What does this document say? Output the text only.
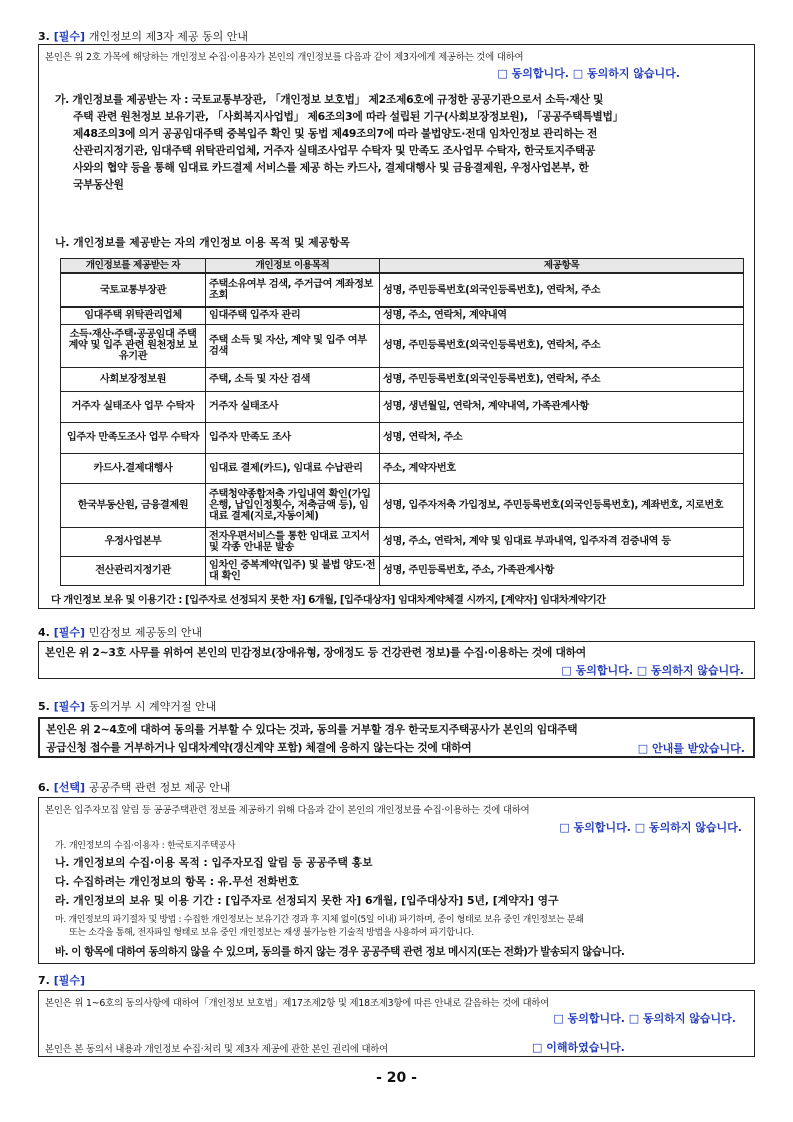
3. [필수] 개인정보의 제3자 제공 동의 안내
본인은 위 2호 가목에 해당하는 개인정보 수집·이용자가 본인의 개인정보를 다음과 같이 제3자에게 제공하는 것에 대하여
□ 동의합니다. □ 동의하지 않습니다.
가. 개인정보를 제공받는 자 : 국토교통부장관, 「개인정보 보호법」 제2조제6호에 규정한 공공기관으로서 소득·재산 및
주택 관련 원천정보 보유기관, 「사회복지사업법」 제6조의3에 따라 설립된 기구(사회보장정보원), 「공공주택특별법」
제48조의3에 의거 공공임대주택 중복입주 확인 및 동법 제49조의7에 따라 불법양도·전대 임차인정보 관리하는 전
산관리지정기관, 임대주택 위탁관리업체, 거주자 실태조사업무 수탁자 및 만족도 조사업무 수탁자, 한국토지주택공
사와의 협약 등을 통해 임대료 카드결제 서비스를 제공 하는 카드사, 결제대행사 및 금융결제원, 우정사업본부, 한
국부동산원
나. 개인정보를 제공받는 자의 개인정보 이용 목적 및 제공항목
다 개인정보 보유 및 이용기간 : [입주자로 선정되지 못한 자] 6개월, [입주대상자] 임대차계약체결 시까지, [계약자] 임대차계약기간
개인정보를 제공받는 자	개인정보 이용목적	제공항목
국토교통부장관	주택소유여부 검색, 주거급여 계좌정보조회	성명, 주민등록번호(외국인등록번호), 연락처, 주소
임대주택 위탁관리업체	임대주택 입주자 관리	성명, 주소, 연락처, 계약내역
소득·재산·주택·공공임대 주택 계약 및 입주 관련 원천정보 보유기관	주택 소득 및 자산, 계약 및 입주 여부 검색	성명, 주민등록번호(외국인등록번호), 연락처, 주소
사회보장정보원	주택, 소득 및 자산 검색	성명, 주민등록번호(외국인등록번호), 연락처, 주소
거주자 실태조사 업무 수탁자	거주자 실태조사	성명, 생년월일, 연락처, 계약내역, 가족관계사항
입주자 만족도조사 업무 수탁자	입주자 만족도 조사	성명, 연락처, 주소
카드사.결제대행사	임대료 결제(카드), 임대료 수납관리	주소, 계약자번호
한국부동산원, 금융결제원	주택청약종합저축 가입내역 확인(가입은행, 납입인정횟수, 저축금액 등), 임대료 결제(지로,자동이체)	성명, 입주자저축 가입정보, 주민등록번호(외국인등록번호), 계좌번호, 지로번호
우정사업본부	전자우편서비스를 통한 임대료 고지서 및 각종 안내문 발송	성명, 주소, 연락처, 계약 및 임대료 부과내역, 입주자격 검증내역 등
전산관리지정기관	임차인 중복계약(입주) 및 불법 양도·전대 확인	성명, 주민등록번호, 주소, 가족관계사항
4. [필수] 민감정보 제공동의 안내
본인은 위 2~3호 사무를 위하여 본인의 민감정보(장애유형, 장애정도 등 건강관련 정보)를 수집·이용하는 것에 대하여
□ 동의합니다. □ 동의하지 않습니다.
5. [필수] 동의거부 시 계약거절 안내
본인은 위 2~4호에 대하여 동의를 거부할 수 있다는 것과, 동의를 거부할 경우 한국토지주택공사가 본인의 임대주택
공급신청 접수를 거부하거나 임대차계약(갱신계약 포함) 체결에 응하지 않는다는 것에 대하여	□ 안내를 받았습니다.
6. [선택] 공공주택 관련 정보 제공 안내
본인은 입주자모집 알림 등 공공주택관련 정보를 제공하기 위해 다음과 같이 본인의 개인정보를 수집·이용하는 것에 대하여
□ 동의합니다. □ 동의하지 않습니다.
가. 개인정보의 수집·이용자 : 한국토지주택공사
나. 개인정보의 수집·이용 목적 : 입주자모집 알림 등 공공주택 홍보
다. 수집하려는 개인정보의 항목 : 유.무선 전화번호
라. 개인정보의 보유 및 이용 기간 : [입주자로 선정되지 못한 자] 6개월, [입주대상자] 5년, [계약자] 영구
마. 개인정보의 파기절차 및 방법 : 수집한 개인정보는 보유기간 경과 후 지체 없이(5일 이내) 파기하며, 종이 형태로 보유 중인 개인정보는 분쇄
또는 소각을 통해, 전자파일 형태로 보유 중인 개인정보는 재생 불가능한 기술적 방법을 사용하여 파기합니다.
바. 이 항목에 대하여 동의하지 않을 수 있으며, 동의를 하지 않는 경우 공공주택 관련 정보 메시지(또는 전화)가 발송되지 않습니다.
7. [필수]
본인은 위 1~6호의 동의사항에 대하여「개인정보 보호법」제17조제2항 및 제18조제3항에 따른 안내로 갈음하는 것에 대하여
□ 동의합니다. □ 동의하지 않습니다.
본인은 본 동의서 내용과 개인정보 수집·처리 및 제3자 제공에 관한 본인 권리에 대하여	□ 이해하였습니다.
- 20 -
